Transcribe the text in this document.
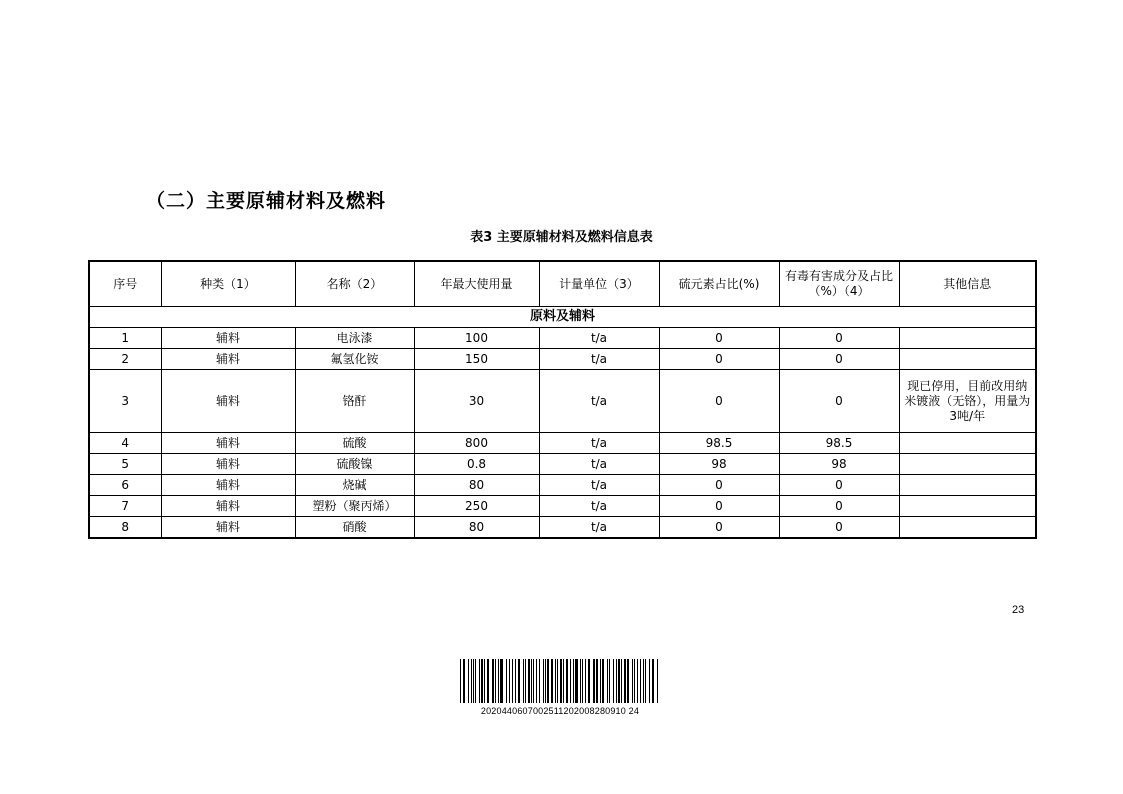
（二）主要原辅材料及燃料
表3 主要原辅材料及燃料信息表
序号	种类（1）	名称（2）	年最大使用量	计量单位（3）	硫元素占比(%)	有毒有害成分及占比（%）（4）	其他信息
原料及辅料							
1	辅料	电泳漆	100	t/a	0	0	
2	辅料	氟氢化铵	150	t/a	0	0	
3	辅料	铬酐	30	t/a	0	0	现已停用，目前改用纳米镀液（无铬），用量为3吨/年
4	辅料	硫酸	800	t/a	98.5	98.5	
5	辅料	硫酸镍	0.8	t/a	98	98	
6	辅料	烧碱	80	t/a	0	0	
7	辅料	塑粉（聚丙烯）	250	t/a	0	0	
8	辅料	硝酸	80	t/a	0	0	
23
2020440607002511202008280910 24
